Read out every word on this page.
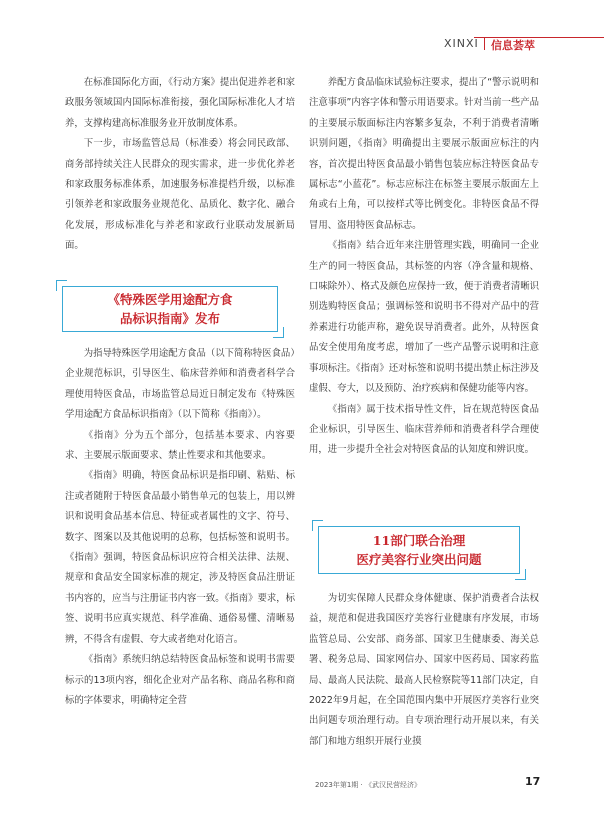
XINXI 信息荟萃

在标准国际化方面，《行动方案》提出促进养老和家政服务领域国内国际标准衔接，强化国际标准化人才培养，支撑构建高标准服务业开放制度体系。

下一步，市场监管总局（标准委）将会同民政部、商务部持续关注人民群众的现实需求，进一步优化养老和家政服务标准体系，加速服务标准提档升级，以标准引领养老和家政服务业规范化、品质化、数字化、融合化发展，形成标准化与养老和家政行业联动发展新局面。

为指导特殊医学用途配方食品（以下简称特医食品）企业规范标识，引导医生、临床营养师和消费者科学合理使用特医食品，市场监管总局近日制定发布《特殊医学用途配方食品标识指南》（以下简称《指南》）。

《指南》分为五个部分，包括基本要求、内容要求、主要展示版面要求、禁止性要求和其他要求。

《指南》明确，特医食品标识是指印刷、粘贴、标注或者随附于特医食品最小销售单元的包装上，用以辨识和说明食品基本信息、特征或者属性的文字、符号、数字、图案以及其他说明的总称，包括标签和说明书。《指南》强调，特医食品标识应符合相关法律、法规、规章和食品安全国家标准的规定，涉及特医食品注册证书内容的，应当与注册证书内容一致。《指南》要求，标签、说明书应真实规范、科学准确、通俗易懂、清晰易辨，不得含有虚假、夸大或者绝对化语言。

《指南》系统归纳总结特医食品标签和说明书需要标示的13项内容，细化企业对产品名称、商品名称和商标的字体要求，明确特定全营

《特殊医学用途配方食
品标识指南》发布

养配方食品临床试验标注要求，提出了“警示说明和注意事项”内容字体和警示用语要求。针对当前一些产品的主要展示版面标注内容繁多复杂，不利于消费者清晰识别问题，《指南》明确提出主要展示版面应标注的内容，首次提出特医食品最小销售包装应标注特医食品专属标志“小蓝花”。标志应标注在标签主要展示版面左上角或右上角，可以按样式等比例变化。非特医食品不得冒用、盗用特医食品标志。

《指南》结合近年来注册管理实践，明确同一企业生产的同一特医食品，其标签的内容（净含量和规格、口味除外）、格式及颜色应保持一致，便于消费者清晰识别选购特医食品；强调标签和说明书不得对产品中的营养素进行功能声称，避免误导消费者。此外，从特医食品安全使用角度考虑，增加了一些产品警示说明和注意事项标注。《指南》还对标签和说明书提出禁止标注涉及虚假、夸大，以及预防、治疗疾病和保健功能等内容。

《指南》属于技术指导性文件，旨在规范特医食品企业标识，引导医生、临床营养师和消费者科学合理使用，进一步提升全社会对特医食品的认知度和辨识度。

为切实保障人民群众身体健康、保护消费者合法权益，规范和促进我国医疗美容行业健康有序发展，市场监管总局、公安部、商务部、国家卫生健康委、海关总署、税务总局、国家网信办、国家中医药局、国家药监局、最高人民法院、最高人民检察院等11部门决定，自2022年9月起，在全国范围内集中开展医疗美容行业突出问题专项治理行动。自专项治理行动开展以来，有关部门和地方组织开展行业摸

11部门联合治理
医疗美容行业突出问题
2023年第1期 · 《武汉民营经济》	17
